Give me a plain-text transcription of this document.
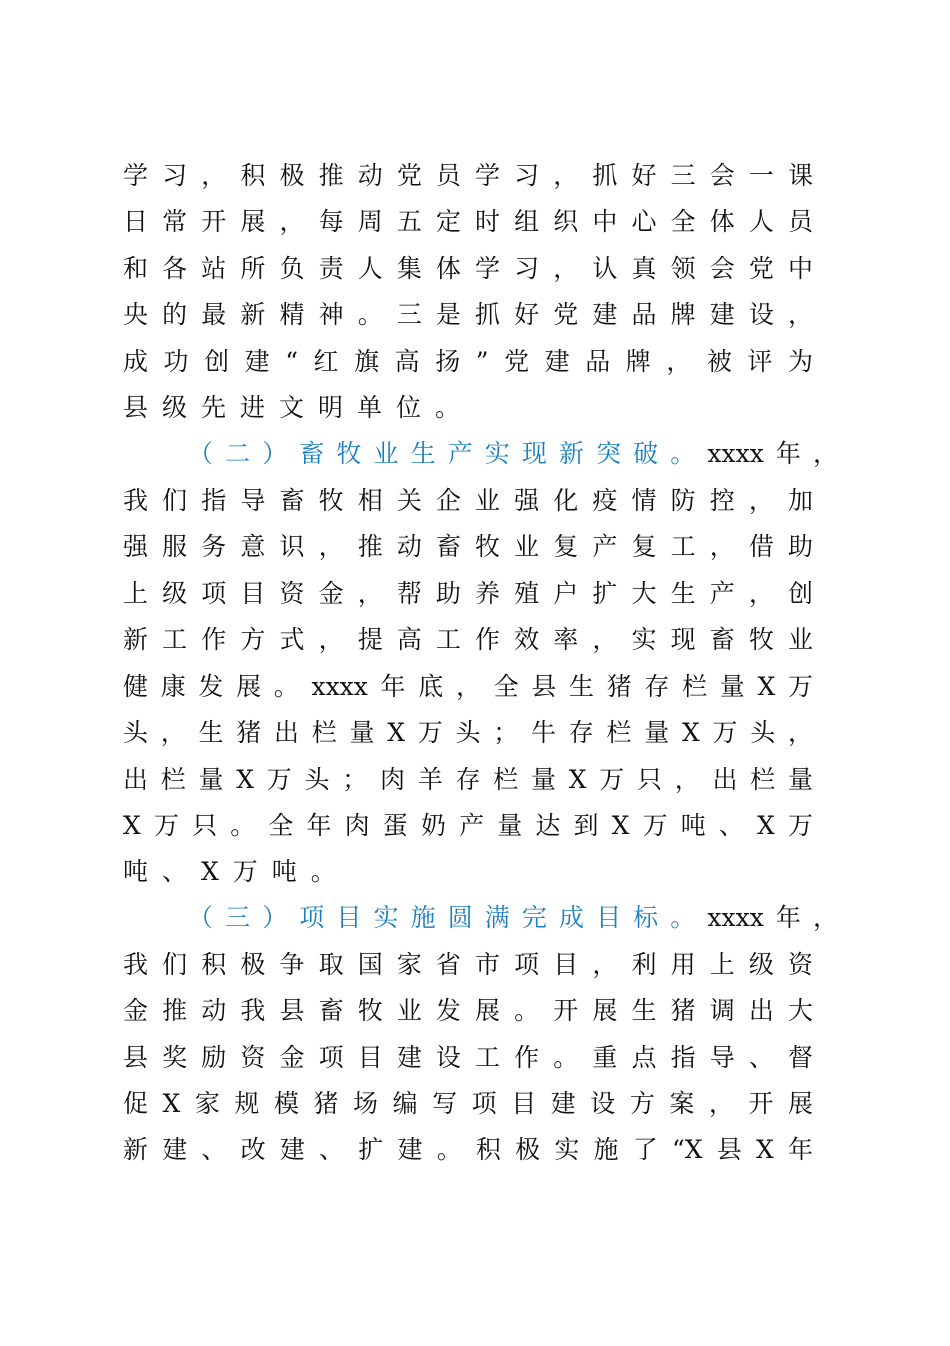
学习，积极推动党员学习，抓好三会一课
日常开展，每周五定时组织中心全体人员
和各站所负责人集体学习，认真领会党中
央的最新精神。三是抓好党建品牌建设，
成功创建“红旗高扬”党建品牌，被评为
县级先进文明单位。
（二）畜牧业生产实现新突破。xxxx年，
我们指导畜牧相关企业强化疫情防控，加
强服务意识，推动畜牧业复产复工，借助
上级项目资金，帮助养殖户扩大生产，创
新工作方式，提高工作效率，实现畜牧业
健康发展。xxxx年底，全县生猪存栏量X万
头，生猪出栏量X万头；牛存栏量X万头，
出栏量X万头；肉羊存栏量X万只，出栏量
X万只。全年肉蛋奶产量达到X万吨、X万
吨、X万吨。
（三）项目实施圆满完成目标。xxxx年，
我们积极争取国家省市项目，利用上级资
金推动我县畜牧业发展。开展生猪调出大
县奖励资金项目建设工作。重点指导、督
促X家规模猪场编写项目建设方案，开展
新建、改建、扩建。积极实施了“X县X年
